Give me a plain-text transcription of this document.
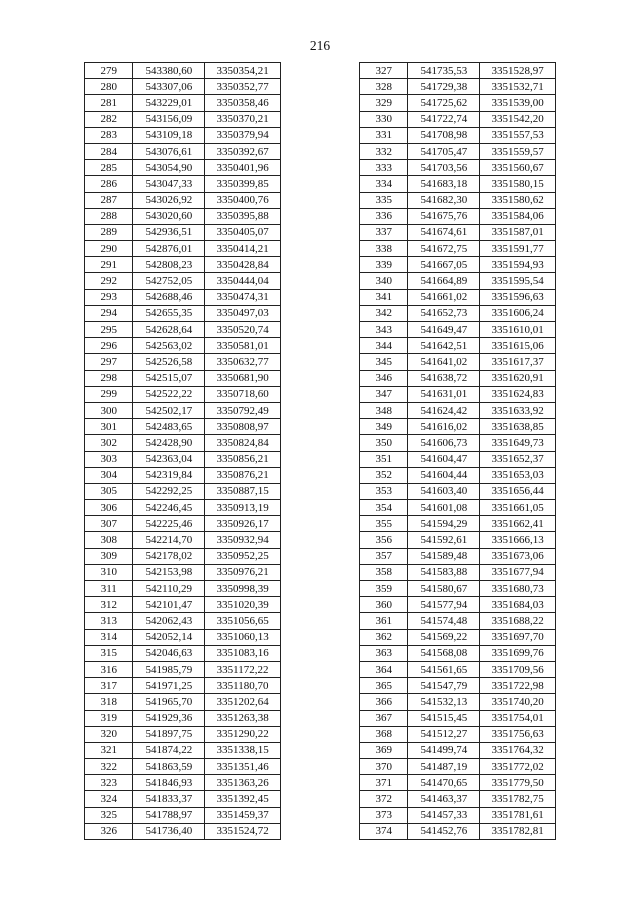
216
279	543380,60	3350354,21
280	543307,06	3350352,77
281	543229,01	3350358,46
282	543156,09	3350370,21
283	543109,18	3350379,94
284	543076,61	3350392,67
285	543054,90	3350401,96
286	543047,33	3350399,85
287	543026,92	3350400,76
288	543020,60	3350395,88
289	542936,51	3350405,07
290	542876,01	3350414,21
291	542808,23	3350428,84
292	542752,05	3350444,04
293	542688,46	3350474,31
294	542655,35	3350497,03
295	542628,64	3350520,74
296	542563,02	3350581,01
297	542526,58	3350632,77
298	542515,07	3350681,90
299	542522,22	3350718,60
300	542502,17	3350792,49
301	542483,65	3350808,97
302	542428,90	3350824,84
303	542363,04	3350856,21
304	542319,84	3350876,21
305	542292,25	3350887,15
306	542246,45	3350913,19
307	542225,46	3350926,17
308	542214,70	3350932,94
309	542178,02	3350952,25
310	542153,98	3350976,21
311	542110,29	3350998,39
312	542101,47	3351020,39
313	542062,43	3351056,65
314	542052,14	3351060,13
315	542046,63	3351083,16
316	541985,79	3351172,22
317	541971,25	3351180,70
318	541965,70	3351202,64
319	541929,36	3351263,38
320	541897,75	3351290,22
321	541874,22	3351338,15
322	541863,59	3351351,46
323	541846,93	3351363,26
324	541833,37	3351392,45
325	541788,97	3351459,37
326	541736,40	3351524,72
327	541735,53	3351528,97
328	541729,38	3351532,71
329	541725,62	3351539,00
330	541722,74	3351542,20
331	541708,98	3351557,53
332	541705,47	3351559,57
333	541703,56	3351560,67
334	541683,18	3351580,15
335	541682,30	3351580,62
336	541675,76	3351584,06
337	541674,61	3351587,01
338	541672,75	3351591,77
339	541667,05	3351594,93
340	541664,89	3351595,54
341	541661,02	3351596,63
342	541652,73	3351606,24
343	541649,47	3351610,01
344	541642,51	3351615,06
345	541641,02	3351617,37
346	541638,72	3351620,91
347	541631,01	3351624,83
348	541624,42	3351633,92
349	541616,02	3351638,85
350	541606,73	3351649,73
351	541604,47	3351652,37
352	541604,44	3351653,03
353	541603,40	3351656,44
354	541601,08	3351661,05
355	541594,29	3351662,41
356	541592,61	3351666,13
357	541589,48	3351673,06
358	541583,88	3351677,94
359	541580,67	3351680,73
360	541577,94	3351684,03
361	541574,48	3351688,22
362	541569,22	3351697,70
363	541568,08	3351699,76
364	541561,65	3351709,56
365	541547,79	3351722,98
366	541532,13	3351740,20
367	541515,45	3351754,01
368	541512,27	3351756,63
369	541499,74	3351764,32
370	541487,19	3351772,02
371	541470,65	3351779,50
372	541463,37	3351782,75
373	541457,33	3351781,61
374	541452,76	3351782,81
